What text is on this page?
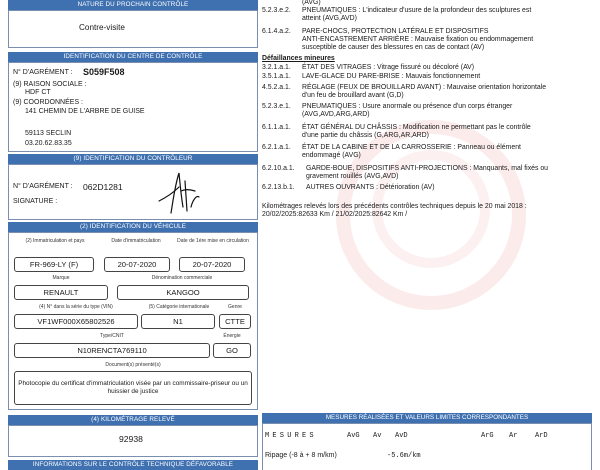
NATURE DU PROCHAIN CONTRÔLE
Contre-visite
IDENTIFICATION DU CENTRE DE CONTRÔLE
N° D'AGRÉMENT : S059F508
(9) RAISON SOCIALE :
HDF CT
(9) COORDONNÉES :
141 CHEMIN DE L'ARBRE DE GUISE
59113 SECLIN
03.20.62.83.35
(9) IDENTIFICATION DU CONTRÔLEUR
N° D'AGRÉMENT : 062D1281
SIGNATURE :
(2) IDENTIFICATION DU VÉHICULE
(2) Immatriculation et pays	Date d'immatriculation	Date de 1ère mise en circulation
FR-969-LY (F)	20-07-2020	20-07-2020
Marque	Dénomination commerciale
RENAULT	KANGOO
(4) N° dans la série du type (VIN)	(5) Catégorie internationale	Genre
VF1WF000X65802526	N1	CTTE
Type/CNIT	Énergie
N10RENCTA769110	GO
Document(s) présenté(s)
Photocopie du certificat d'immatriculation visée par un commissaire-priseur ou un huissier de justice
(4) KILOMÉTRAGE RELEVÉ
92938
INFORMATIONS SUR LE CONTRÔLE TECHNIQUE DÉFAVORABLE
(AVG)
5.2.3.e.2. PNEUMATIQUES : L'indicateur d'usure de la profondeur des sculptures est
atteint (AVG,AVD)
6.1.4.a.2. PARE-CHOCS, PROTECTION LATÉRALE ET DISPOSITIFS
ANTI-ENCASTREMENT ARRIÈRE : Mauvaise fixation ou endommagement
susceptible de causer des blessures en cas de contact (AV)
Défaillances mineures
3.2.1.a.1. ÉTAT DES VITRAGES : Vitrage fissuré ou décoloré (AV)
3.5.1.a.1. LAVE-GLACE DU PARE-BRISE : Mauvais fonctionnement
4.5.2.a.1. RÉGLAGE (FEUX DE BROUILLARD AVANT) : Mauvaise orientation horizontale
d'un feu de brouillard avant (G,D)
5.2.3.e.1. PNEUMATIQUES : Usure anormale ou présence d'un corps étranger
(AVG,AVD,ARG,ARD)
6.1.1.a.1. ÉTAT GÉNÉRAL DU CHÂSSIS : Modification ne permettant pas le contrôle
d'une partie du châssis (G,ARG,AR,ARD)
6.2.1.a.1. ÉTAT DE LA CABINE ET DE LA CARROSSERIE : Panneau ou élément
endommagé (AVG)
6.2.10.a.1. GARDE-BOUE, DISPOSITIFS ANTI-PROJECTIONS : Manquants, mal fixés ou
gravement rouillés (AVG,AVD)
6.2.13.b.1. AUTRES OUVRANTS : Détérioration (AV)
Kilométrages relevés lors des précédents contrôles techniques depuis le 20 mai 2018 :
20/02/2025:82633 Km / 21/02/2025:82642 Km /
MESURES RÉALISÉES ET VALEURS LIMITES CORRESPONDANTES
MESURES	AvG Av AvD	ArG Ar	ArD
Ripage (-8 à + 8 m/km)	-5.6m/km
